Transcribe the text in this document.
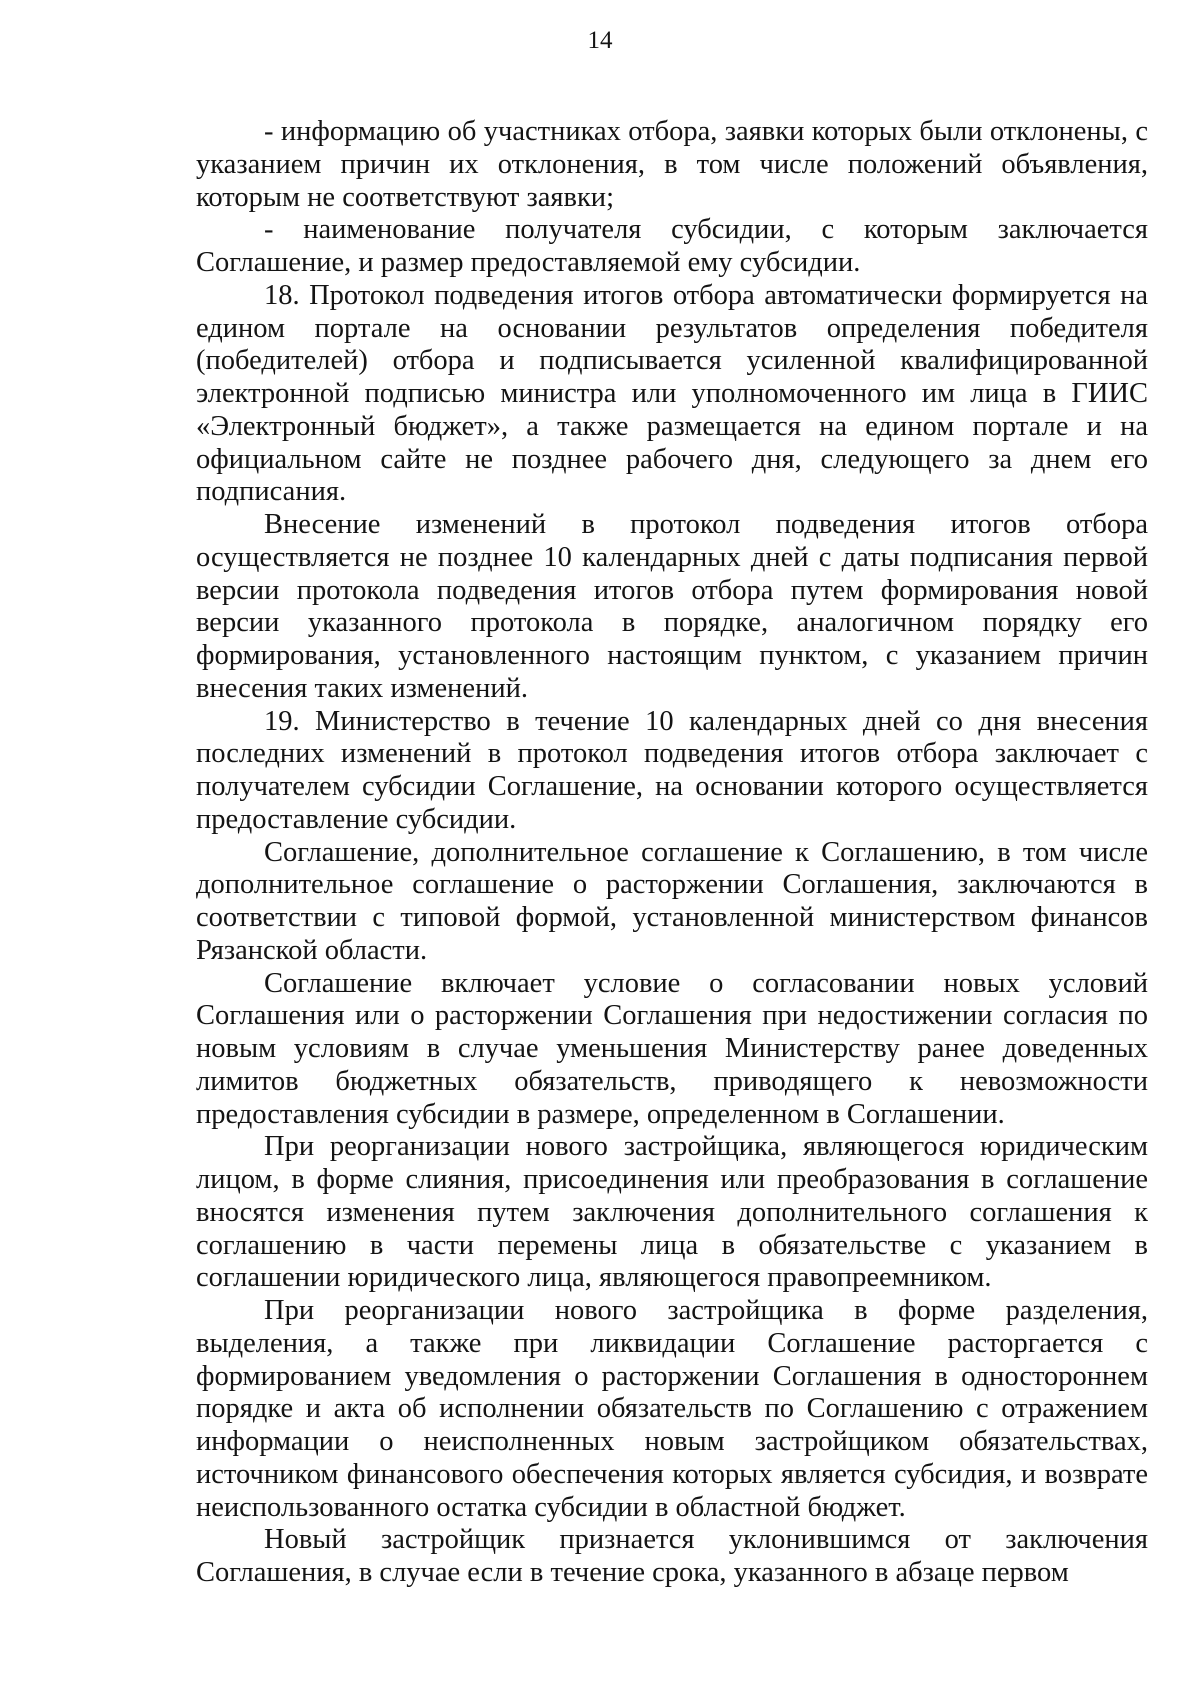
14

- информацию об участниках отбора, заявки которых были отклонены, с указанием причин их отклонения, в том числе положений объявления, которым не соответствуют заявки;

- наименование получателя субсидии, с которым заключается Соглашение, и размер предоставляемой ему субсидии.

18. Протокол подведения итогов отбора автоматически формируется на едином портале на основании результатов определения победителя (победителей) отбора и подписывается усиленной квалифицированной электронной подписью министра или уполномоченного им лица в ГИИС «Электронный бюджет», а также размещается на едином портале и на официальном сайте не позднее рабочего дня, следующего за днем его подписания.

Внесение изменений в протокол подведения итогов отбора осуществляется не позднее 10 календарных дней с даты подписания первой версии протокола подведения итогов отбора путем формирования новой версии указанного протокола в порядке, аналогичном порядку его формирования, установленного настоящим пунктом, с указанием причин внесения таких изменений.

19. Министерство в течение 10 календарных дней со дня внесения последних изменений в протокол подведения итогов отбора заключает с получателем субсидии Соглашение, на основании которого осуществляется предоставление субсидии.

Соглашение, дополнительное соглашение к Соглашению, в том числе дополнительное соглашение о расторжении Соглашения, заключаются в соответствии с типовой формой, установленной министерством финансов Рязанской области.

Соглашение включает условие о согласовании новых условий Соглашения или о расторжении Соглашения при недостижении согласия по новым условиям в случае уменьшения Министерству ранее доведенных лимитов бюджетных обязательств, приводящего к невозможности предоставления субсидии в размере, определенном в Соглашении.

При реорганизации нового застройщика, являющегося юридическим лицом, в форме слияния, присоединения или преобразования в соглашение вносятся изменения путем заключения дополнительного соглашения к соглашению в части перемены лица в обязательстве с указанием в соглашении юридического лица, являющегося правопреемником.

При реорганизации нового застройщика в форме разделения, выделения, а также при ликвидации Соглашение расторгается с формированием уведомления о расторжении Соглашения в одностороннем порядке и акта об исполнении обязательств по Соглашению с отражением информации о неисполненных новым застройщиком обязательствах, источником финансового обеспечения которых является субсидия, и возврате неиспользованного остатка субсидии в областной бюджет.

Новый застройщик признается уклонившимся от заключения Соглашения, в случае если в течение срока, указанного в абзаце первом
